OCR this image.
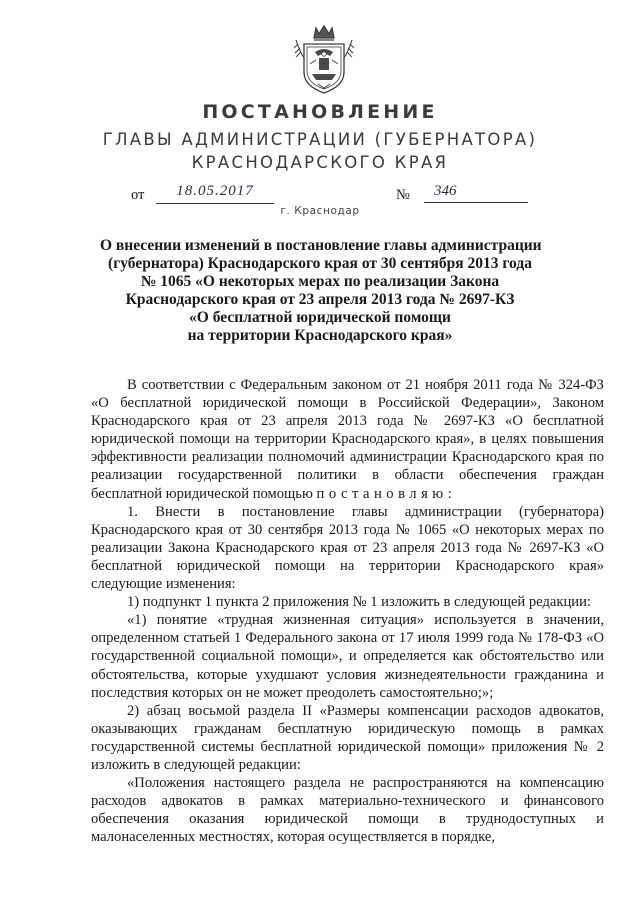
ПОСТАНОВЛЕНИЕ
ГЛАВЫ АДМИНИСТРАЦИИ (ГУБЕРНАТОРА)
КРАСНОДАРСКОГО КРАЯ
от	18.05.2017	№	346
г. Краснодар
О внесении изменений в постановление главы администрации
(губернатора) Краснодарского края от 30 сентября 2013 года
№ 1065 «О некоторых мерах по реализации Закона
Краснодарского края от 23 апреля 2013 года № 2697-КЗ
«О бесплатной юридической помощи
на территории Краснодарского края»

В соответствии с Федеральным законом от 21 ноября 2011 года № 324-ФЗ «О бесплатной юридической помощи в Российской Федерации», Законом Краснодарского края от 23 апреля 2013 года № 2697-КЗ «О бесплатной юридической помощи на территории Краснодарского края», в целях повышения эффективности реализации полномочий администрации Краснодарского края по реализации государственной политики в области обеспечения граждан бесплатной юридической помощью постановляю:

1. Внести в постановление главы администрации (губернатора) Краснодарского края от 30 сентября 2013 года № 1065 «О некоторых мерах по реализации Закона Краснодарского края от 23 апреля 2013 года № 2697-КЗ «О бесплатной юридической помощи на территории Краснодарского края» следующие изменения:

1) подпункт 1 пункта 2 приложения № 1 изложить в следующей редакции:

«1) понятие «трудная жизненная ситуация» используется в значении, определенном статьей 1 Федерального закона от 17 июля 1999 года № 178-ФЗ «О государственной социальной помощи», и определяется как обстоятельство или обстоятельства, которые ухудшают условия жизнедеятельности гражданина и последствия которых он не может преодолеть самостоятельно;»;

2) абзац восьмой раздела II «Размеры компенсации расходов адвокатов, оказывающих гражданам бесплатную юридическую помощь в рамках государственной системы бесплатной юридической помощи» приложения № 2 изложить в следующей редакции:

«Положения настоящего раздела не распространяются на компенсацию расходов адвокатов в рамках материально-технического и финансового обеспечения оказания юридической помощи в труднодоступных и малонаселенных местностях, которая осуществляется в порядке,
